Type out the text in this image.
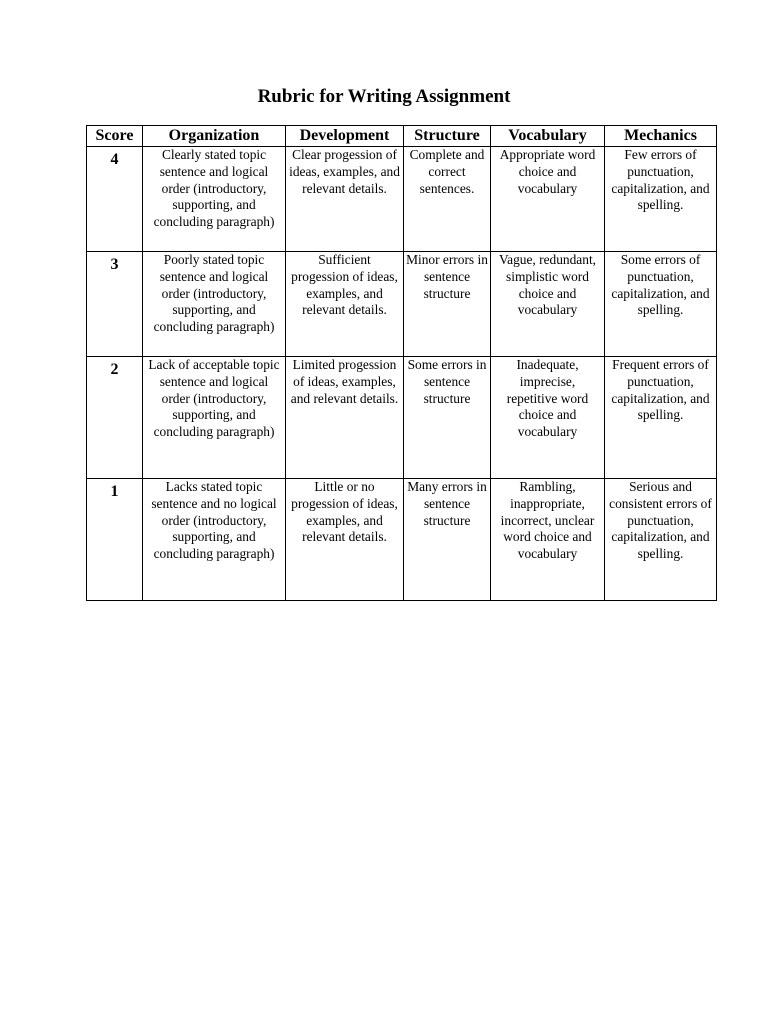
Rubric for Writing Assignment
Score	Organization	Development	Structure	Vocabulary	Mechanics
4	Clearly stated topic sentence and logical order (introductory, supporting, and concluding paragraph)	Clear progession of ideas, examples, and relevant details.	Complete and correct sentences.	Appropriate word choice and vocabulary	Few errors of punctuation, capitalization, and spelling.
3	Poorly stated topic sentence and logical order (introductory, supporting, and concluding paragraph)	Sufficient progession of ideas, examples, and relevant details.	Minor errors in sentence structure	Vague, redundant, simplistic word choice and vocabulary	Some errors of punctuation, capitalization, and spelling.
2	Lack of acceptable topic sentence and logical order (introductory, supporting, and concluding paragraph)	Limited progession of ideas, examples, and relevant details.	Some errors in sentence structure	Inadequate, imprecise, repetitive word choice and vocabulary	Frequent errors of punctuation, capitalization, and spelling.
1	Lacks stated topic sentence and no logical order (introductory, supporting, and concluding paragraph)	Little or no progession of ideas, examples, and relevant details.	Many errors in sentence structure	Rambling, inappropriate, incorrect, unclear word choice and vocabulary	Serious and consistent errors of punctuation, capitalization, and spelling.
